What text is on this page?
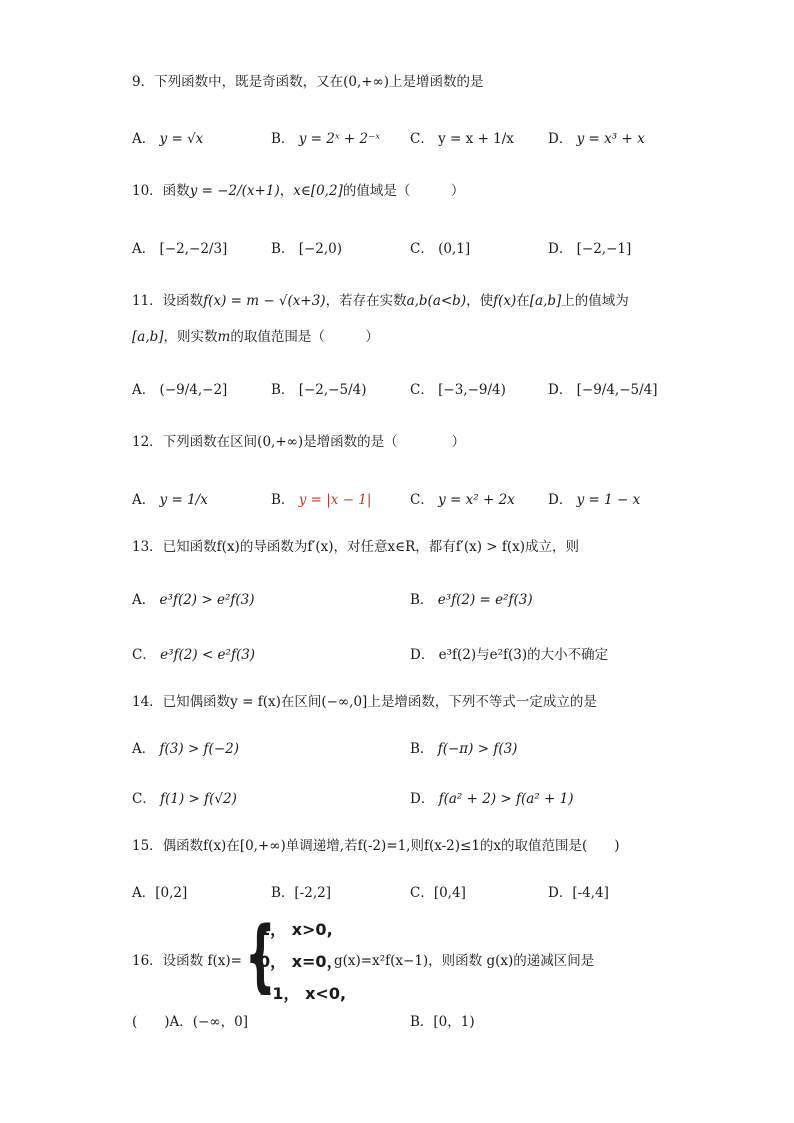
9．下列函数中，既是奇函数，又在(0,+∞)上是增函数的是
A． y = √x	B． y = 2ˣ + 2⁻ˣ C． y = x + 1/x	D． y = x³ + x
10．函数y = −2/(x+1)，x∈[0,2]的值域是（　　　）
A． [−2,−2/3]	B． [−2,0)	C． (0,1]	D． [−2,−1]
11．设函数f(x) = m − √(x+3)，若存在实数a,b(a<b)，使f(x)在[a,b]上的值域为
[a,b]，则实数m的取值范围是（　　　）
A． (−9/4,−2]	B． [−2,−5/4)	C． [−3,−9/4)	D． [−9/4,−5/4]
12．下列函数在区间(0,+∞)是增函数的是（　　　　）
A． y = 1/x	B． y = |x − 1|	C． y = x² + 2x D． y = 1 − x
13．已知函数f(x)的导函数为f′(x)，对任意x∈R，都有f′(x) > f(x)成立，则
A． e³f(2) > e²f(3)	B． e³f(2) = e²f(3)
C． e³f(2) < e²f(3)	D． e³f(2)与e²f(3)的大小不确定
14．已知偶函数y = f(x)在区间(−∞,0]上是增函数，下列不等式一定成立的是
A． f(3) > f(−2)	B． f(−π) > f(3)
C． f(1) > f(√2)	D． f(a² + 2) > f(a² + 1)
15．偶函数f(x)在[0,+∞)单调递增,若f(-2)=1,则f(x-2)≤1的x的取值范围是(　　)
A．[0,2]	B．[-2,2]	C．[0,4]	D．[-4,4]
16．设函数 f(x)= {
1， x>0,
0， x=0，
−1， x<0,
g(x)=x²f(x−1)，则函数 g(x)的递减区间是
(　　)A．(−∞，0]	B．[0，1)
